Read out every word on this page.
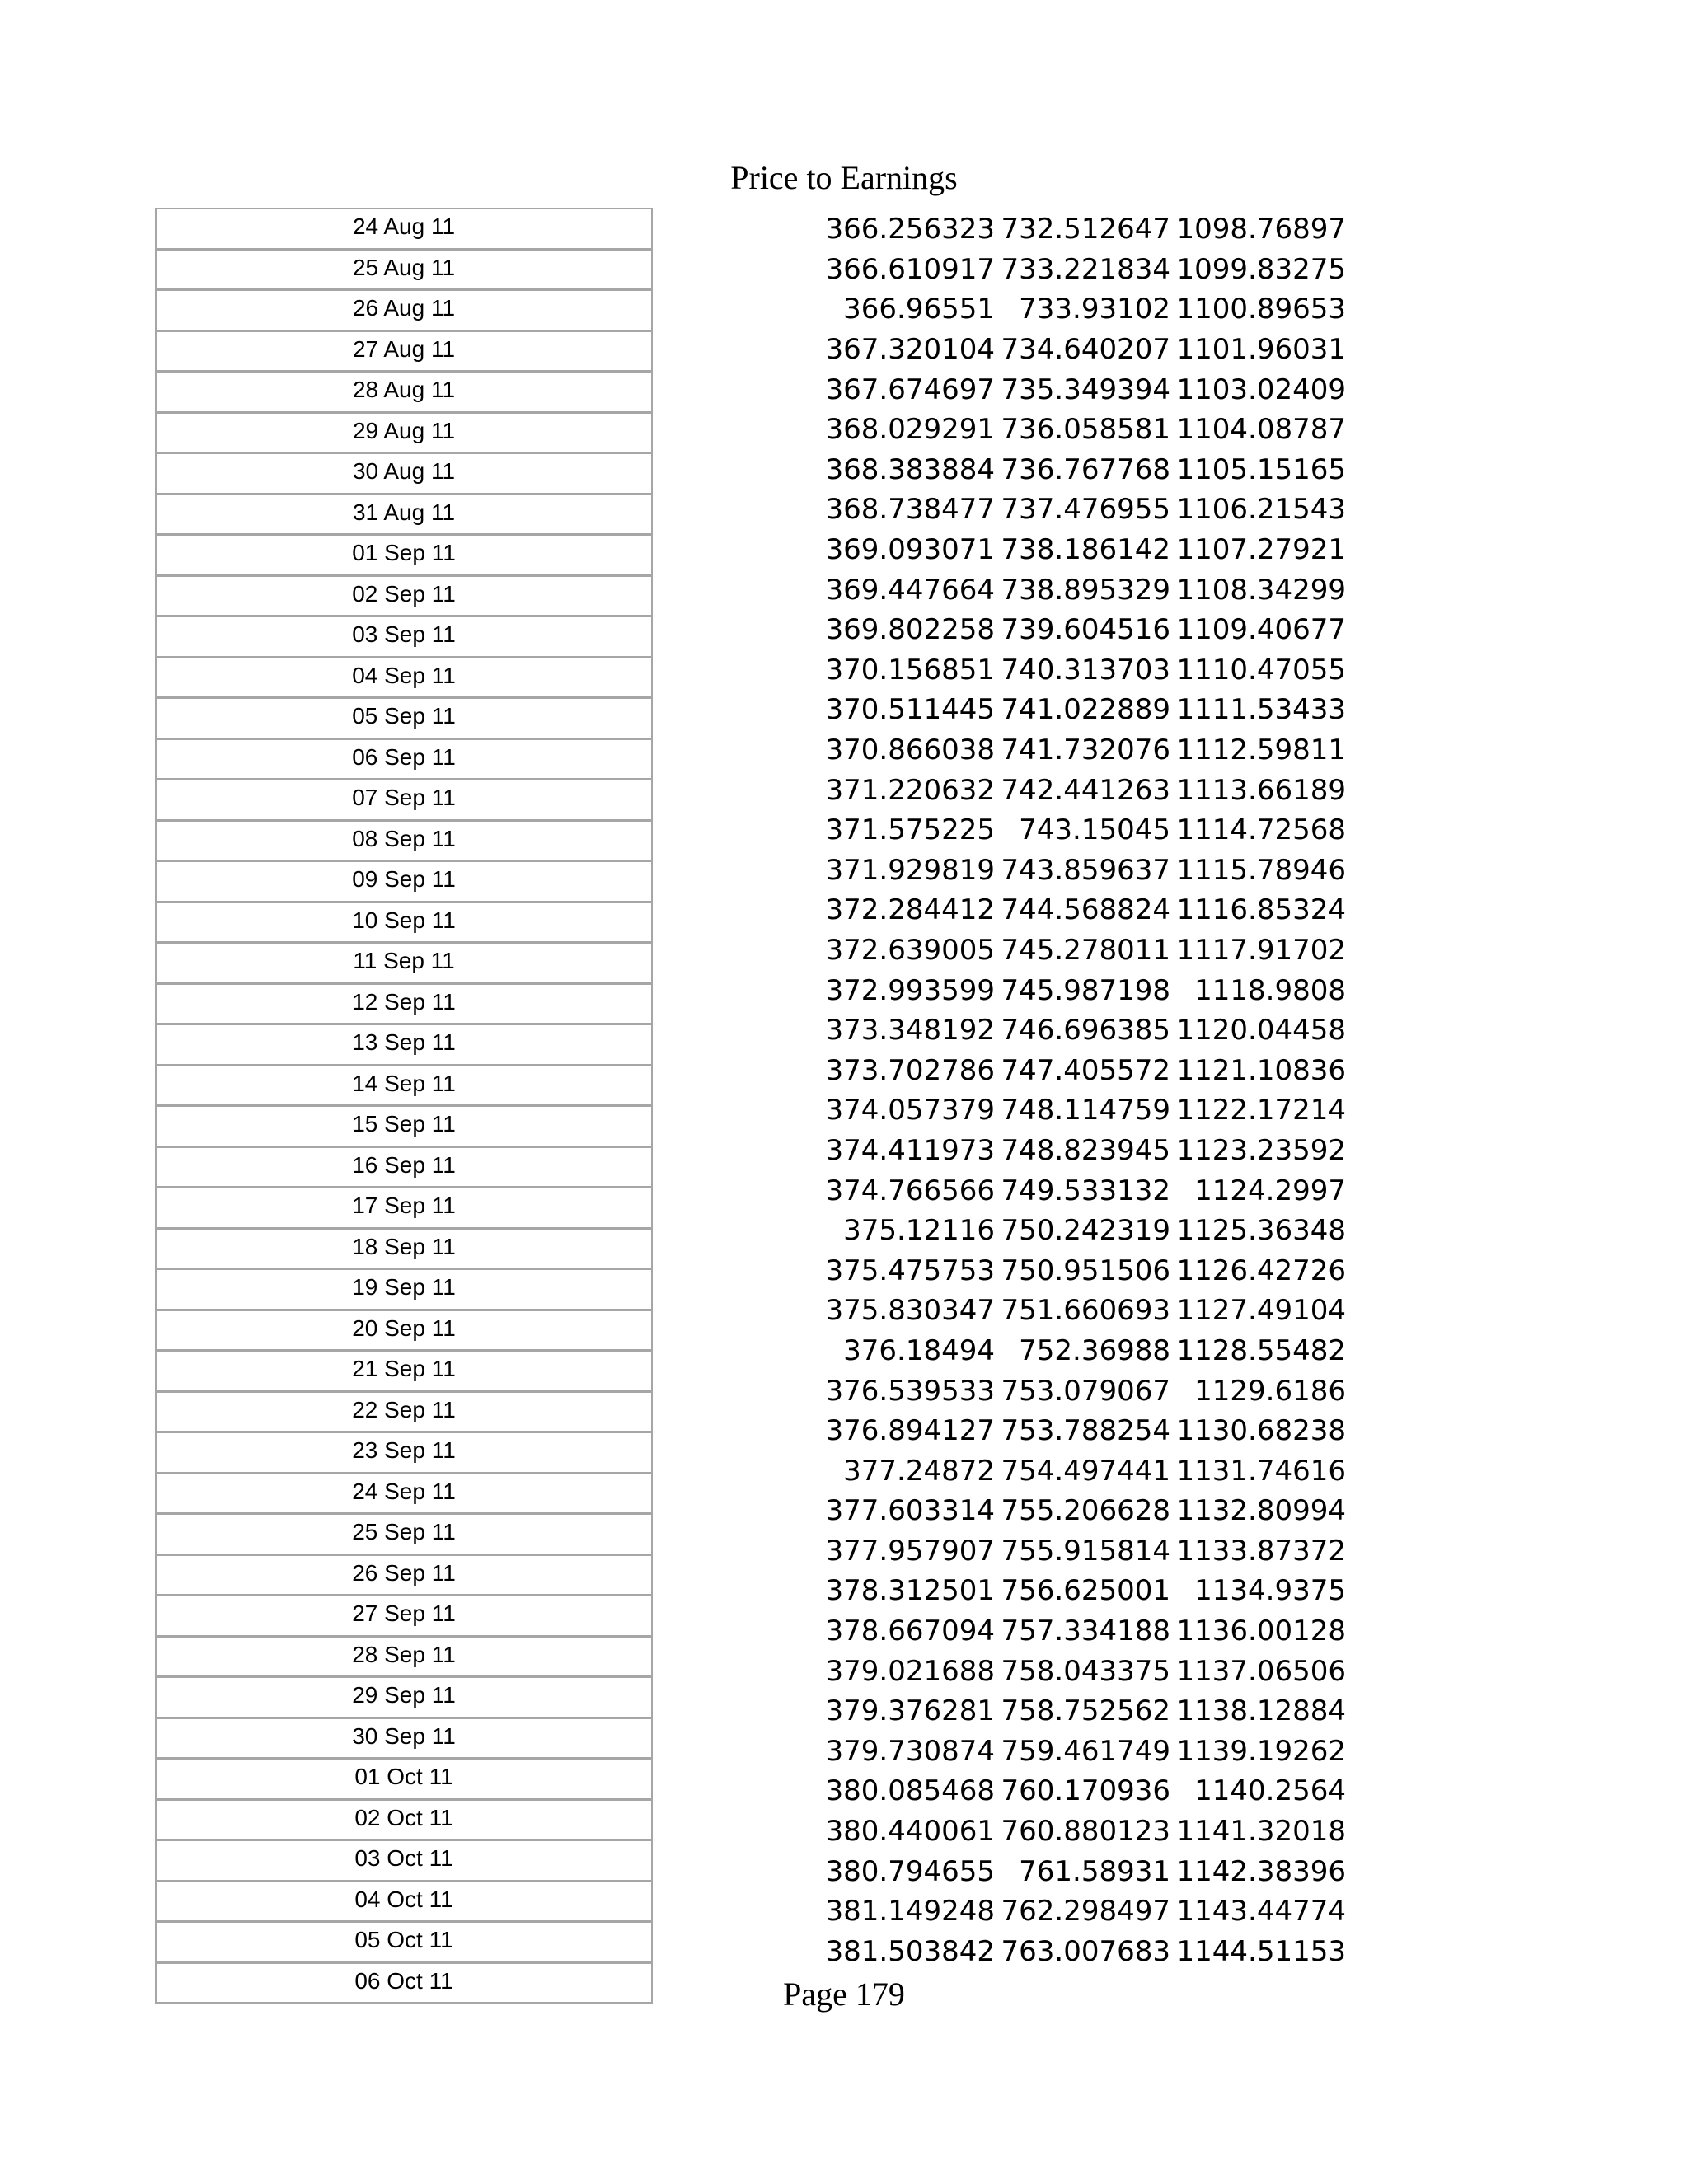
Price to Earnings
24 Aug 11
25 Aug 11
26 Aug 11
27 Aug 11
28 Aug 11
29 Aug 11
30 Aug 11
31 Aug 11
01 Sep 11
02 Sep 11
03 Sep 11
04 Sep 11
05 Sep 11
06 Sep 11
07 Sep 11
08 Sep 11
09 Sep 11
10 Sep 11
11 Sep 11
12 Sep 11
13 Sep 11
14 Sep 11
15 Sep 11
16 Sep 11
17 Sep 11
18 Sep 11
19 Sep 11
20 Sep 11
21 Sep 11
22 Sep 11
23 Sep 11
24 Sep 11
25 Sep 11
26 Sep 11
27 Sep 11
28 Sep 11
29 Sep 11
30 Sep 11
01 Oct 11
02 Oct 11
03 Oct 11
04 Oct 11
05 Oct 11
06 Oct 11
366.256323 732.512647 1098.76897
366.610917 733.221834 1099.83275
366.96551 733.93102 1100.89653
367.320104 734.640207 1101.96031
367.674697 735.349394 1103.02409
368.029291 736.058581 1104.08787
368.383884 736.767768 1105.15165
368.738477 737.476955 1106.21543
369.093071 738.186142 1107.27921
369.447664 738.895329 1108.34299
369.802258 739.604516 1109.40677
370.156851 740.313703 1110.47055
370.511445 741.022889 1111.53433
370.866038 741.732076 1112.59811
371.220632 742.441263 1113.66189
371.575225 743.15045 1114.72568
371.929819 743.859637 1115.78946
372.284412 744.568824 1116.85324
372.639005 745.278011 1117.91702
372.993599 745.987198 1118.9808
373.348192 746.696385 1120.04458
373.702786 747.405572 1121.10836
374.057379 748.114759 1122.17214
374.411973 748.823945 1123.23592
374.766566 749.533132 1124.2997
375.12116 750.242319 1125.36348
375.475753 750.951506 1126.42726
375.830347 751.660693 1127.49104
376.18494 752.36988 1128.55482
376.539533 753.079067 1129.6186
376.894127 753.788254 1130.68238
377.24872 754.497441 1131.74616
377.603314 755.206628 1132.80994
377.957907 755.915814 1133.87372
378.312501 756.625001 1134.9375
378.667094 757.334188 1136.00128
379.021688 758.043375 1137.06506
379.376281 758.752562 1138.12884
379.730874 759.461749 1139.19262
380.085468 760.170936 1140.2564
380.440061 760.880123 1141.32018
380.794655 761.58931 1142.38396
381.149248 762.298497 1143.44774
381.503842 763.007683 1144.51153
Page 179
